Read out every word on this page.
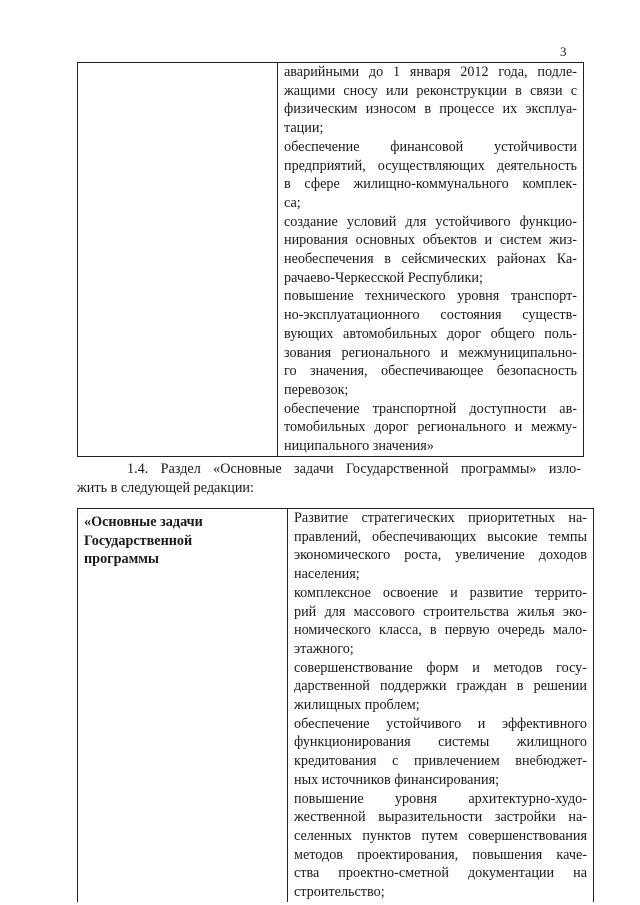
3

аварийными до 1 января 2012 года, подле-
жащими сносу или реконструкции в связи с
физическим износом в процессе их эксплуа-
тации;
обеспечение финансовой устойчивости
предприятий, осуществляющих деятельность
в сфере жилищно-коммунального комплек-
са;
создание условий для устойчивого функцио-
нирования основных объектов и систем жиз-
необеспечения в сейсмических районах Ка-
рачаево-Черкесской Республики;
повышение технического уровня транспорт-
но-эксплуатационного состояния существ-
вующих автомобильных дорог общего поль-
зования регионального и межмуниципально-
го значения, обеспечивающее безопасность
перевозок;
обеспечение транспортной доступности ав-
томобильных дорог регионального и межму-
ниципального значения»
1.4. Раздел «Основные задачи Государственной программы» изло-
жить в следующей редакции:
«Основные задачи
Государственной
программы

Развитие стратегических приоритетных на-
правлений, обеспечивающих высокие темпы
экономического роста, увеличение доходов
населения;
комплексное освоение и развитие террито-
рий для массового строительства жилья эко-
номического класса, в первую очередь мало-
этажного;
совершенствование форм и методов госу-
дарственной поддержки граждан в решении
жилищных проблем;
обеспечение устойчивого и эффективного
функционирования системы жилищного
кредитования с привлечением внебюджет-
ных источников финансирования;
повышение уровня архитектурно-худо-
жественной выразительности застройки на-
селенных пунктов путем совершенствования
методов проектирования, повышения каче-
ства проектно-сметной документации на
строительство;
